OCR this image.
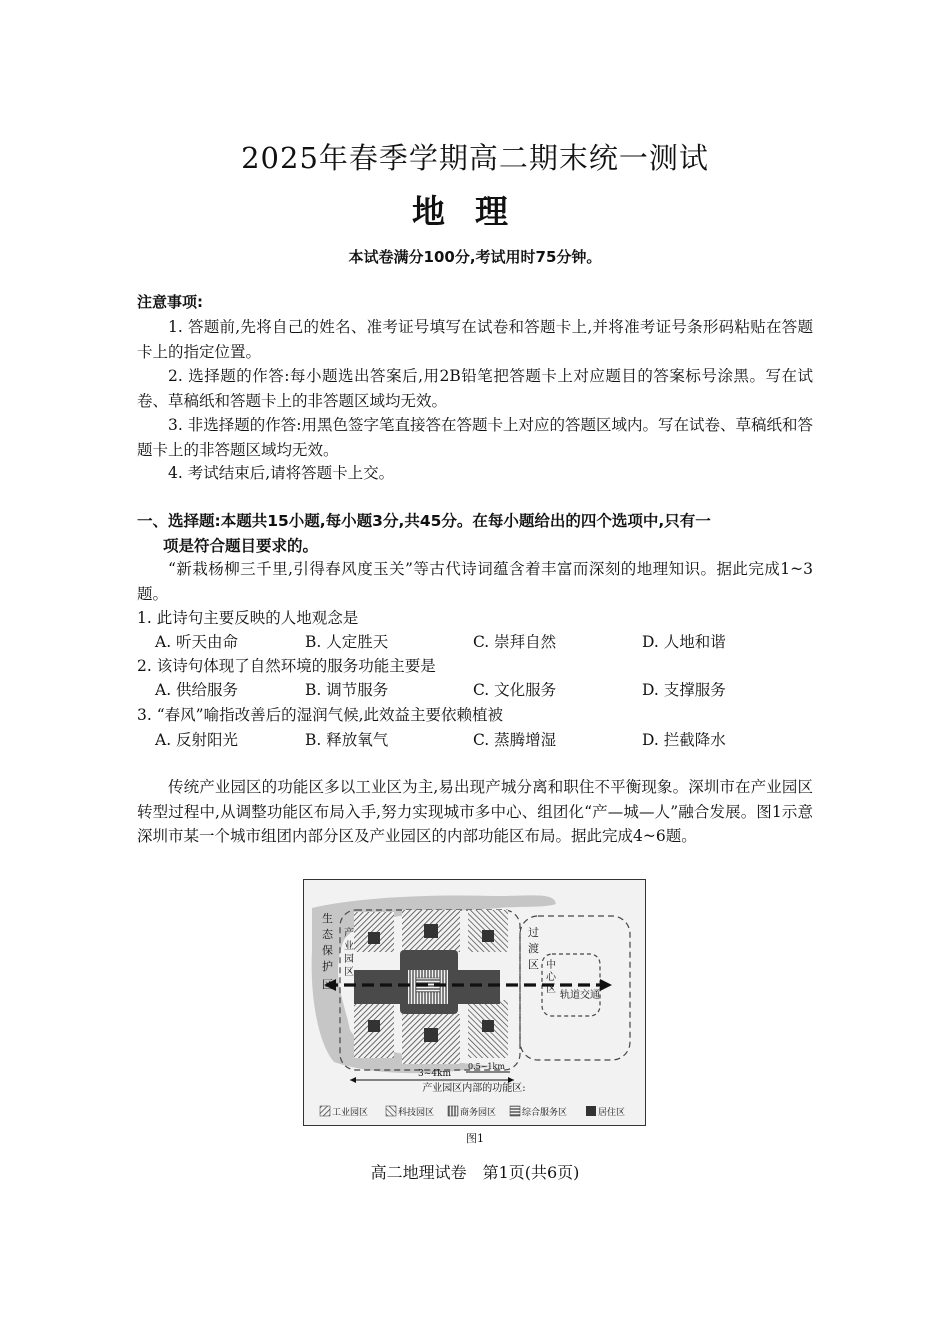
2025年春季学期高二期末统一测试
地理
本试卷满分100分,考试用时75分钟。
注意事项:

1. 答题前,先将自己的姓名、准考证号填写在试卷和答题卡上,并将准考证号条形码粘贴在答题卡上的指定位置。

2. 选择题的作答:每小题选出答案后,用2B铅笔把答题卡上对应题目的答案标号涂黑。写在试卷、草稿纸和答题卡上的非答题区域均无效。

3. 非选择题的作答:用黑色签字笔直接答在答题卡上对应的答题区域内。写在试卷、草稿纸和答题卡上的非答题区域均无效。

4. 考试结束后,请将答题卡上交。

一、选择题:本题共15小题,每小题3分,共45分。在每小题给出的四个选项中,只有一
项是符合题目要求的。

“新栽杨柳三千里,引得春风度玉关”等古代诗词蕴含着丰富而深刻的地理知识。据此完成1~3题。

1. 此诗句主要反映的人地观念是

A. 听天由命	B. 人定胜天	C. 崇拜自然	D. 人地和谐

2. 该诗句体现了自然环境的服务功能主要是

A. 供给服务	B. 调节服务	C. 文化服务	D. 支撑服务

3. “春风”喻指改善后的湿润气候,此效益主要依赖植被

A. 反射阳光	B. 释放氧气	C. 蒸腾增湿	D. 拦截降水

传统产业园区的功能区多以工业区为主,易出现产城分离和职住不平衡现象。深圳市在产业园区转型过程中,从调整功能区布局入手,努力实现城市多中心、组团化“产—城—人”融合发展。图1示意深圳市某一个城市组团内部分区及产业园区的内部功能区布局。据此完成4~6题。

生
态
保
护
区
产
业
园
区
过
渡
区 中
心
区
轨道交通
3~4km
0.5~1km
产业园区内部的功能区:
工业园区	科技园区	商务园区	综合服务区	居住区
图1
高二地理试卷　第1页(共6页)
